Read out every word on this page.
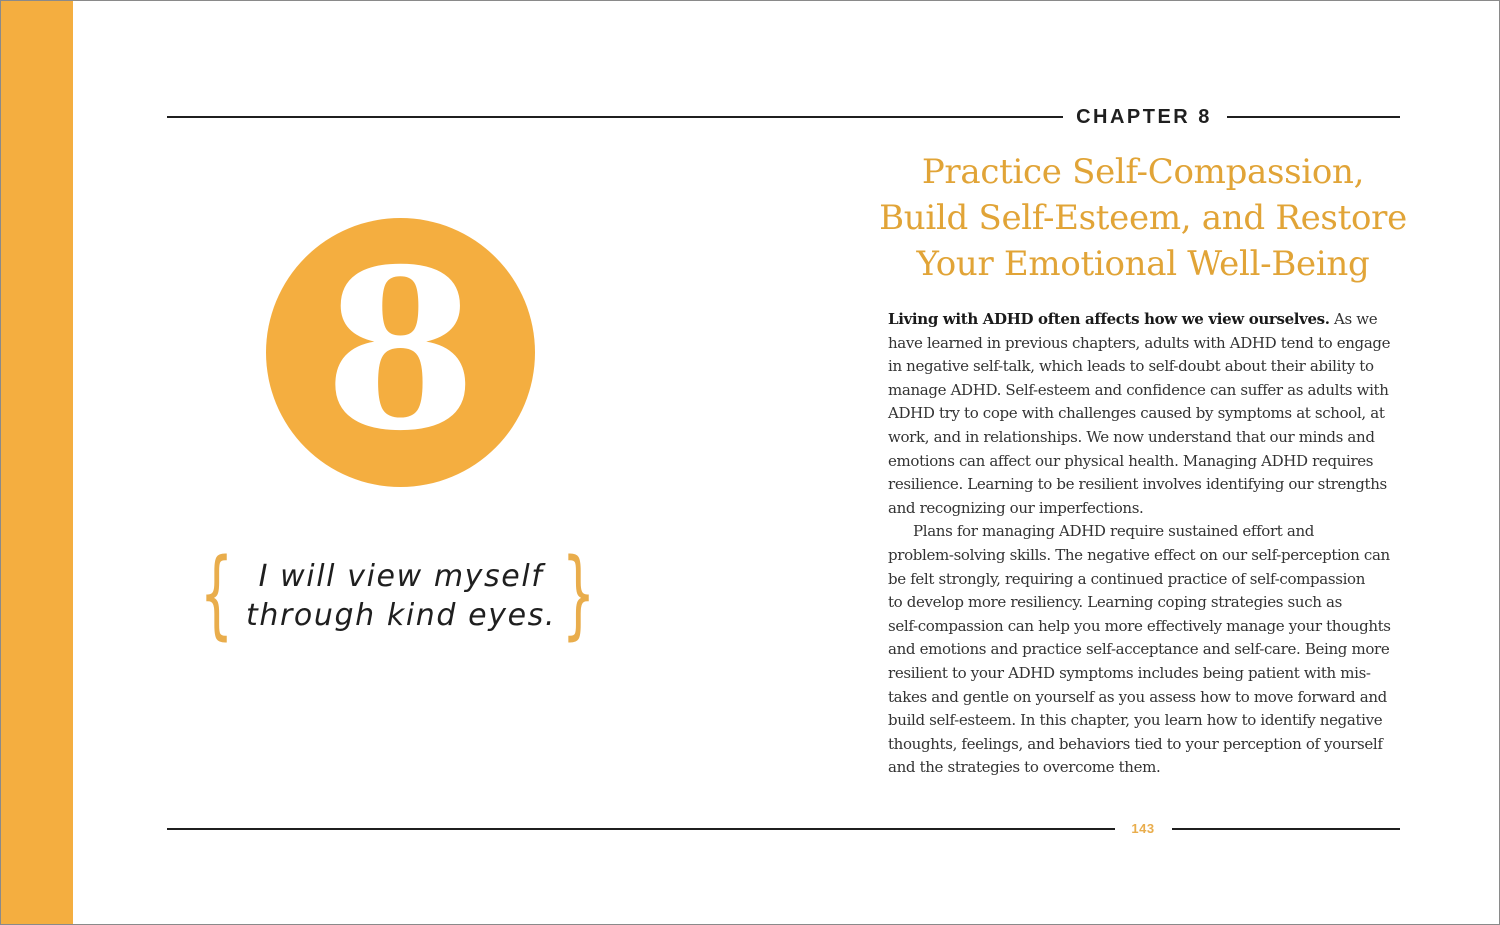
CHAPTER 8
Practice Self-Compassion,
Build Self-Esteem, and Restore
Your Emotional Well-Being
8
{ I will view myself
through kind eyes. }
Living with ADHD often affects how we view ourselves. As we
have learned in previous chapters, adults with ADHD tend to engage
in negative self-talk, which leads to self-doubt about their ability to
manage ADHD. Self-esteem and confidence can suffer as adults with
ADHD try to cope with challenges caused by symptoms at school, at
work, and in relationships. We now understand that our minds and
emotions can affect our physical health. Managing ADHD requires
resilience. Learning to be resilient involves identifying our strengths
and recognizing our imperfections.
Plans for managing ADHD require sustained effort and
problem-solving skills. The negative effect on our self-perception can
be felt strongly, requiring a continued practice of self-compassion
to develop more resiliency. Learning coping strategies such as
self-compassion can help you more effectively manage your thoughts
and emotions and practice self-acceptance and self-care. Being more
resilient to your ADHD symptoms includes being patient with mis-
takes and gentle on yourself as you assess how to move forward and
build self-esteem. In this chapter, you learn how to identify negative
thoughts, feelings, and behaviors tied to your perception of yourself
and the strategies to overcome them.
143
